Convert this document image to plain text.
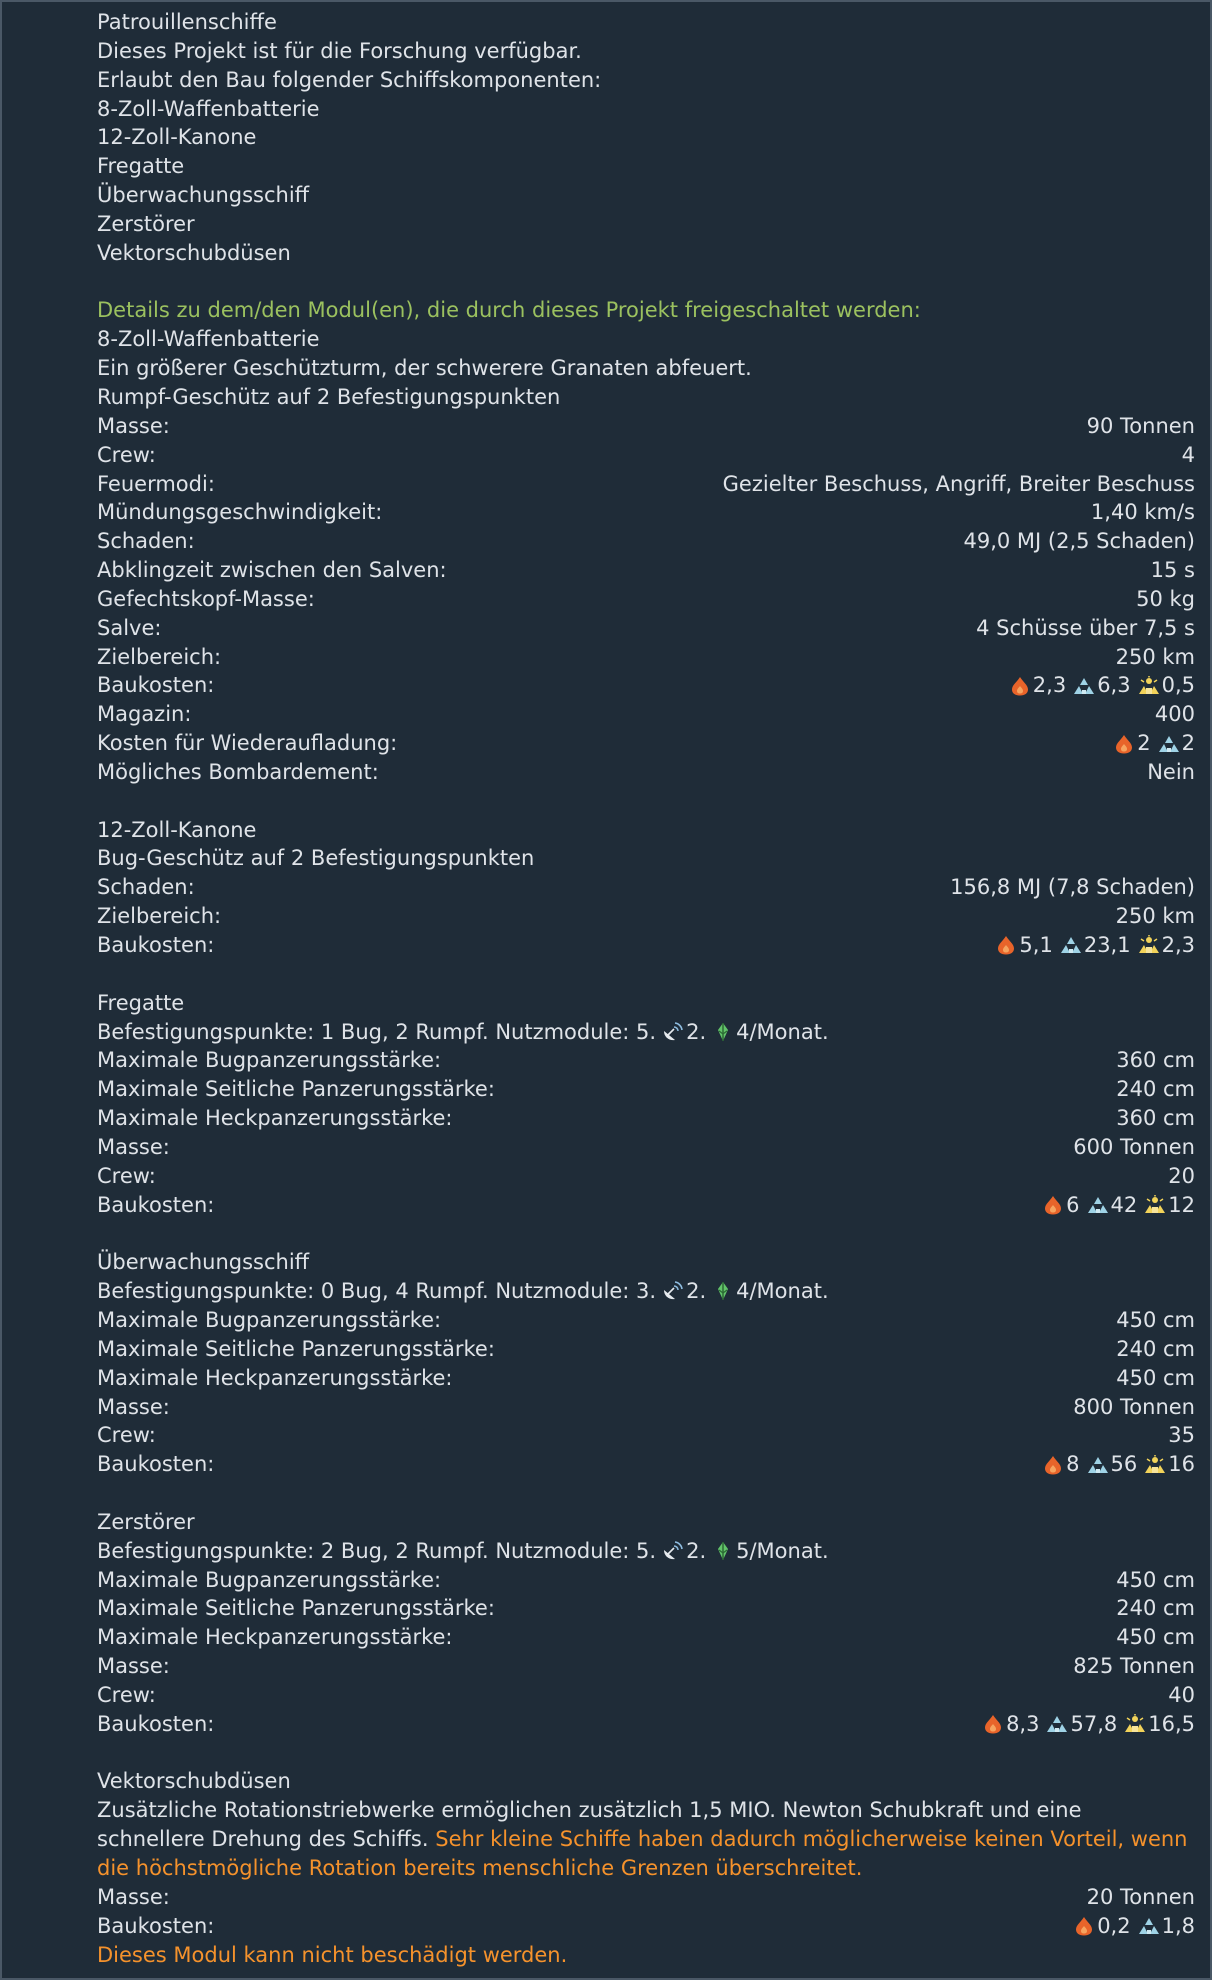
Patrouillenschiffe
Dieses Projekt ist für die Forschung verfügbar.
Erlaubt den Bau folgender Schiffskomponenten:
8-Zoll-Waffenbatterie
12-Zoll-Kanone
Fregatte
Überwachungsschiff
Zerstörer
Vektorschubdüsen
Details zu dem/den Modul(en), die durch dieses Projekt freigeschaltet werden:
8-Zoll-Waffenbatterie
Ein größerer Geschützturm, der schwerere Granaten abfeuert.
Rumpf-Geschütz auf 2 Befestigungspunkten
Masse:	90 Tonnen
Crew:	4
Feuermodi:	Gezielter Beschuss, Angriff, Breiter Beschuss
Mündungsgeschwindigkeit:	1,40 km/s
Schaden:	49,0 MJ (2,5 Schaden)
Abklingzeit zwischen den Salven:	15 s
Gefechtskopf-Masse:	50 kg
Salve:	4 Schüsse über 7,5 s
Zielbereich:	250 km
Baukosten:	2,3 6,3 0,5
Magazin:	400
Kosten für Wiederaufladung:	2 2
Mögliches Bombardement:	Nein
12-Zoll-Kanone
Bug-Geschütz auf 2 Befestigungspunkten
Schaden:	156,8 MJ (7,8 Schaden)
Zielbereich:	250 km
Baukosten:	5,1 23,1 2,3
Fregatte
Befestigungspunkte: 1 Bug, 2 Rumpf. Nutzmodule: 5. 2. 4/Monat.
Maximale Bugpanzerungsstärke:	360 cm
Maximale Seitliche Panzerungsstärke:	240 cm
Maximale Heckpanzerungsstärke:	360 cm
Masse:	600 Tonnen
Crew:	20
Baukosten:	6 42 12
Überwachungsschiff
Befestigungspunkte: 0 Bug, 4 Rumpf. Nutzmodule: 3. 2. 4/Monat.
Maximale Bugpanzerungsstärke:	450 cm
Maximale Seitliche Panzerungsstärke:	240 cm
Maximale Heckpanzerungsstärke:	450 cm
Masse:	800 Tonnen
Crew:	35
Baukosten:	8 56 16
Zerstörer
Befestigungspunkte: 2 Bug, 2 Rumpf. Nutzmodule: 5. 2. 5/Monat.
Maximale Bugpanzerungsstärke:	450 cm
Maximale Seitliche Panzerungsstärke:	240 cm
Maximale Heckpanzerungsstärke:	450 cm
Masse:	825 Tonnen
Crew:	40
Baukosten:	8,3 57,8 16,5
Vektorschubdüsen
Zusätzliche Rotationstriebwerke ermöglichen zusätzlich 1,5 MIO. Newton Schubkraft und eine schnellere Drehung des Schiffs. Sehr kleine Schiffe haben dadurch möglicherweise keinen Vorteil, wenn die höchstmögliche Rotation bereits menschliche Grenzen überschreitet.
Masse:	20 Tonnen
Baukosten:	0,2 1,8
Dieses Modul kann nicht beschädigt werden.
